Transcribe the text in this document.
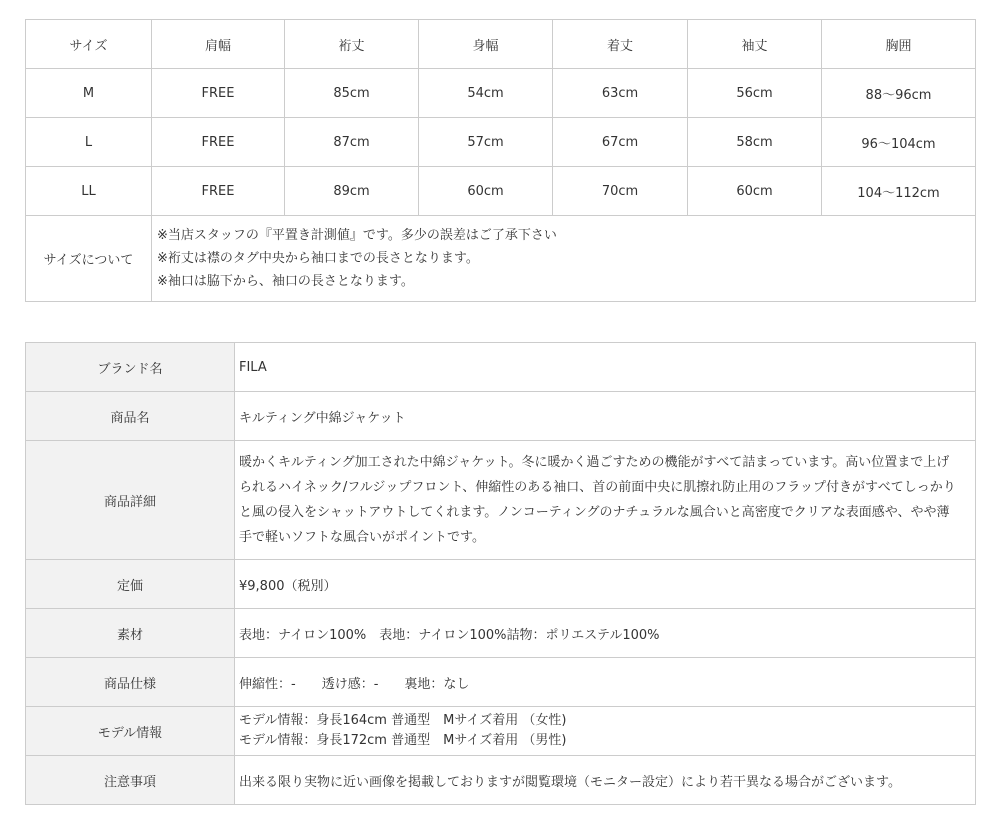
サイズ	肩幅	裄丈	身幅	着丈	袖丈	胸囲
M	FREE	85cm	54cm	63cm	56cm	88〜96cm
L	FREE	87cm	57cm	67cm	58cm	96〜104cm
LL	FREE	89cm	60cm	70cm	60cm	104〜112cm
サイズについて	※当店スタッフの『平置き計測値』です。多少の誤差はご了承下さい
※裄丈は襟のタグ中央から袖口までの長さとなります。
※袖口は脇下から、袖口の長さとなります。					
ブランド名	FILA
商品名	キルティング中綿ジャケット
商品詳細	暖かくキルティング加工された中綿ジャケット。冬に暖かく過ごすための機能がすべて詰まっています。高い位置まで上げられるハイネック/フルジップフロント、伸縮性のある袖口、首の前面中央に肌擦れ防止用のフラップ付きがすべてしっかりと風の侵入をシャットアウトしてくれます。ノンコーティングのナチュラルな風合いと高密度でクリアな表面感や、やや薄手で軽いソフトな風合いがポイントです。
定価	¥9,800（税別）
素材	表地：ナイロン100%　表地：ナイロン100%詰物：ポリエステル100%
商品仕様	伸縮性：-　　透け感：-　　裏地：なし
モデル情報	モデル情報：身長164cm 普通型　Mサイズ着用 （女性)
モデル情報：身長172cm 普通型　Mサイズ着用 （男性)

注意事項	出来る限り実物に近い画像を掲載しておりますが閲覧環境（モニター設定）により若干異なる場合がございます。
